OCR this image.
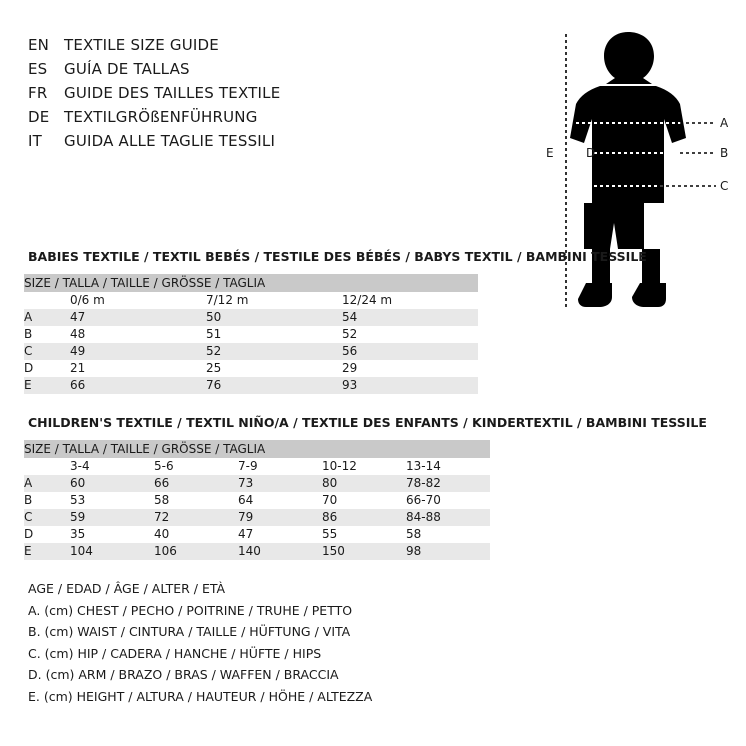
EN TEXTILE SIZE GUIDE
ES	GUÍA DE TALLAS
FR	GUIDE DES TAILLES TEXTILE
DE TEXTILGRÖßENFÜHRUNG
IT	GUIDA ALLE TAGLIE TESSILI
A
B
C
D
E
BABIES TEXTILE / TEXTIL BEBÉS / TESTILE DES BÉBÉS / BABYS TEXTIL / BAMBINI TESSILE
SIZE / TALLA / TAILLE / GRÖSSE / TAGLIA			
	0/6 m	7/12 m	12/24 m
A	47	50	54
B	48	51	52
C	49	52	56
D	21	25	29
E	66	76	93
CHILDREN'S TEXTILE / TEXTIL NIÑO/A / TEXTILE DES ENFANTS / KINDERTEXTIL / BAMBINI TESSILE
SIZE / TALLA / TAILLE / GRÖSSE / TAGLIA					
	3-4	5-6	7-9	10-12	13-14
A	60	66	73	80	78-82
B	53	58	64	70	66-70
C	59	72	79	86	84-88
D	35	40	47	55	58
E	104	106	140	150	98
AGE / EDAD / ÂGE / ALTER / ETÀ
A. (cm) CHEST / PECHO / POITRINE / TRUHE / PETTO
B. (cm) WAIST / CINTURA / TAILLE / HÜFTUNG / VITA
C. (cm) HIP / CADERA / HANCHE / HÜFTE / HIPS
D. (cm) ARM / BRAZO / BRAS / WAFFEN / BRACCIA
E. (cm) HEIGHT / ALTURA / HAUTEUR / HÖHE / ALTEZZA
